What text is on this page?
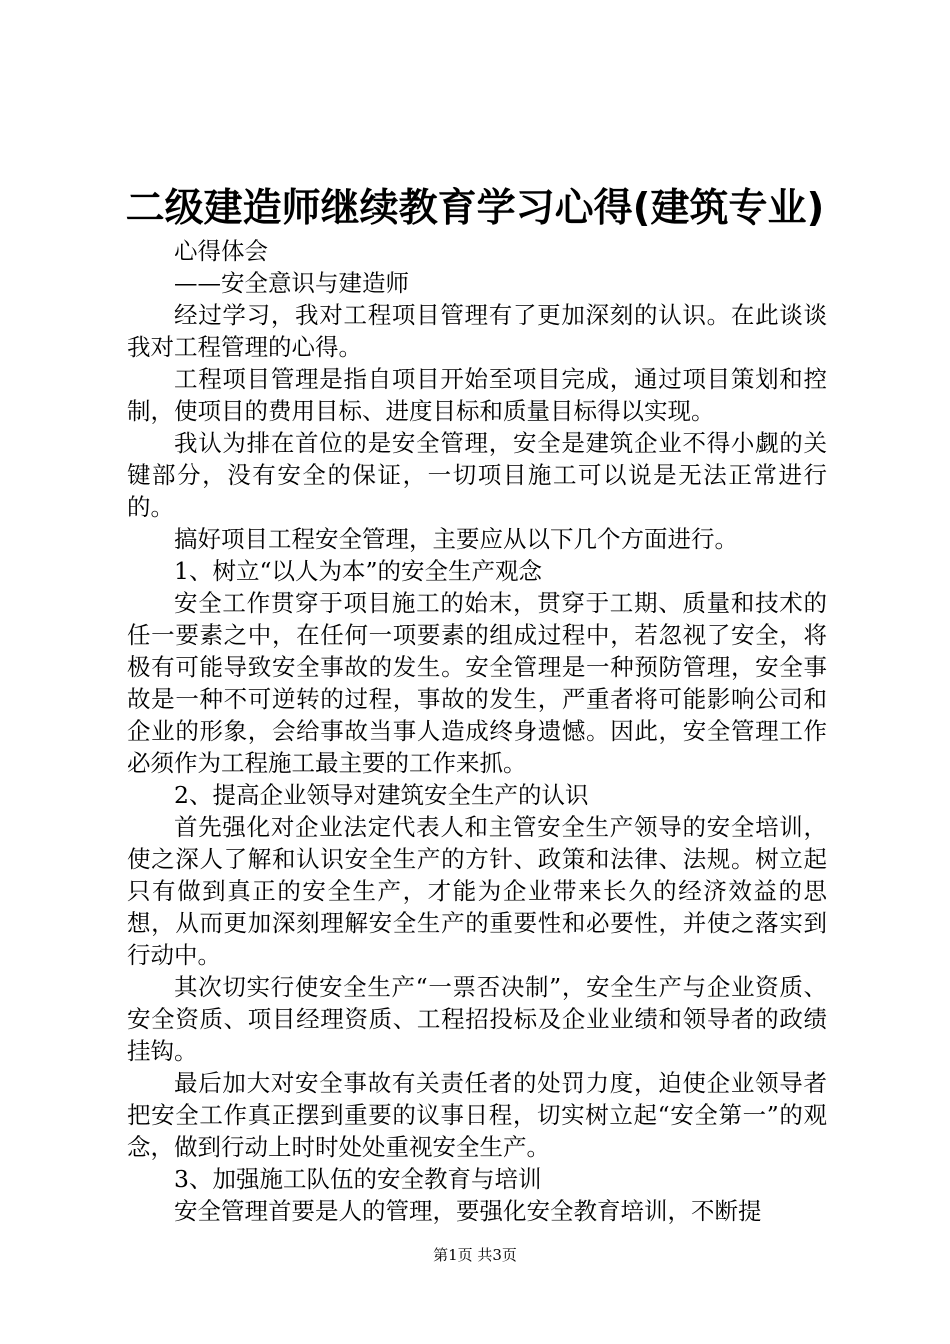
二级建造师继续教育学习心得(建筑专业)

心得体会

——安全意识与建造师

经过学习，我对工程项目管理有了更加深刻的认识。在此谈谈我对工程管理的心得。

工程项目管理是指自项目开始至项目完成，通过项目策划和控制，使项目的费用目标、进度目标和质量目标得以实现。

我认为排在首位的是安全管理，安全是建筑企业不得小觑的关键部分，没有安全的保证，一切项目施工可以说是无法正常进行的。

搞好项目工程安全管理，主要应从以下几个方面进行。

1、树立“以人为本”的安全生产观念

安全工作贯穿于项目施工的始末，贯穿于工期、质量和技术的任一要素之中，在任何一项要素的组成过程中，若忽视了安全，将极有可能导致安全事故的发生。安全管理是一种预防管理，安全事故是一种不可逆转的过程，事故的发生，严重者将可能影响公司和企业的形象，会给事故当事人造成终身遗憾。因此，安全管理工作必须作为工程施工最主要的工作来抓。

2、提高企业领导对建筑安全生产的认识

首先强化对企业法定代表人和主管安全生产领导的安全培训，使之深人了解和认识安全生产的方针、政策和法律、法规。树立起只有做到真正的安全生产，才能为企业带来长久的经济效益的思想，从而更加深刻理解安全生产的重要性和必要性，并使之落实到行动中。

其次切实行使安全生产“一票否决制”，安全生产与企业资质、安全资质、项目经理资质、工程招投标及企业业绩和领导者的政绩挂钩。

最后加大对安全事故有关责任者的处罚力度，迫使企业领导者把安全工作真正摆到重要的议事日程，切实树立起“安全第一”的观念，做到行动上时时处处重视安全生产。

3、加强施工队伍的安全教育与培训

安全管理首要是人的管理，要强化安全教育培训，不断提

第1页 共3页
